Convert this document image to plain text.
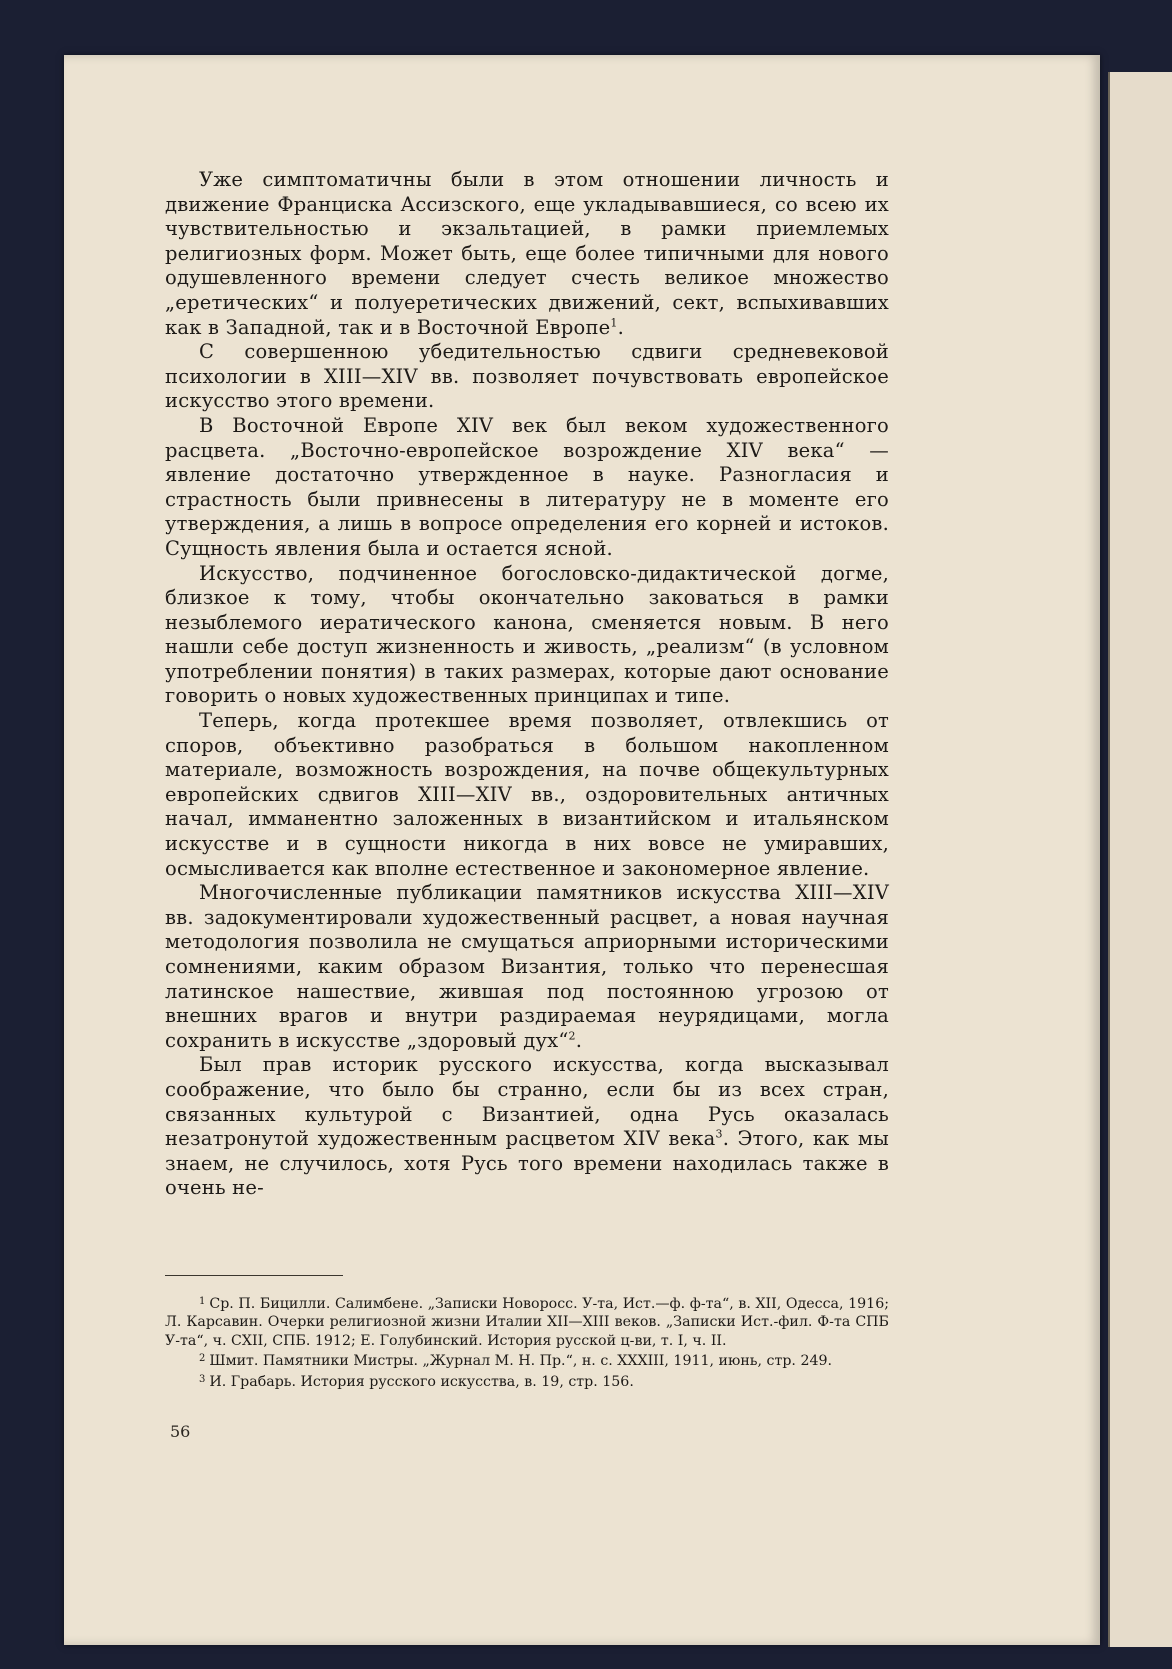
Уже симптоматичны были в этом отношении личность и движение Франциска Ассизского, еще укладывавшиеся, со всею их чувствительностью и экзальтацией, в рамки приемлемых религиозных форм. Может быть, еще более типичными для нового одушевленного времени следует счесть великое множество „еретических“ и полуеретических движений, сект, вспыхивавших как в Западной, так и в Восточной Европе$^1$.

С совершенною убедительностью сдвиги средневековой психологии в XIII—XIV вв. позволяет почувствовать европейское искусство этого времени.

В Восточной Европе XIV век был веком художественного расцвета. „Восточно-европейское возрождение XIV века“ — явление достаточно утвержденное в науке. Разногласия и страстность были привнесены в литературу не в моменте его утверждения, а лишь в вопросе определения его корней и истоков. Сущность явления была и остается ясной.

Искусство, подчиненное богословско-дидактической догме, близкое к тому, чтобы окончательно заковаться в рамки незыблемого иератического канона, сменяется новым. В него нашли себе доступ жизненность и живость, „реализм“ (в условном употреблении понятия) в таких размерах, которые дают основание говорить о новых художественных принципах и типе.

Теперь, когда протекшее время позволяет, отвлекшись от споров, объективно разобраться в большом накопленном материале, возможность возрождения, на почве общекультурных европейских сдвигов XIII—XIV вв., оздоровительных античных начал, имманентно заложенных в византийском и итальянском искусстве и в сущности никогда в них вовсе не умиравших, осмысливается как вполне естественное и закономерное явление.

Многочисленные публикации памятников искусства XIII—XIV вв. задокументировали художественный расцвет, а новая научная методология позволила не смущаться априорными историческими сомнениями, каким образом Византия, только что перенесшая латинское нашествие, жившая под постоянною угрозою от внешних врагов и внутри раздираемая неурядицами, могла сохранить в искусстве „здоровый дух“$^2$.

Был прав историк русского искусства, когда высказывал соображение, что было бы странно, если бы из всех стран, связанных культурой с Византией, одна Русь оказалась незатронутой художественным расцветом XIV века$^3$. Этого, как мы знаем, не случилось, хотя Русь того времени находилась также в очень не-

$^1$ Ср. П. Бицилли. Салимбене. „Записки Новоросс. У-та, Ист.—ф. ф-та“, в. XII, Одесса, 1916; Л. Карсавин. Очерки религиозной жизни Италии XII—XIII веков. „Записки Ист.-фил. Ф-та СПБ У-та“, ч. CXII, СПБ. 1912; Е. Голубинский. История русской ц-ви, т. I, ч. II.

$^2$ Шмит. Памятники Мистры. „Журнал М. Н. Пр.“, н. с. XXXIII, 1911, июнь, стр. 249.

$^3$ И. Грабарь. История русского искусства, в. 19, стр. 156.

56
